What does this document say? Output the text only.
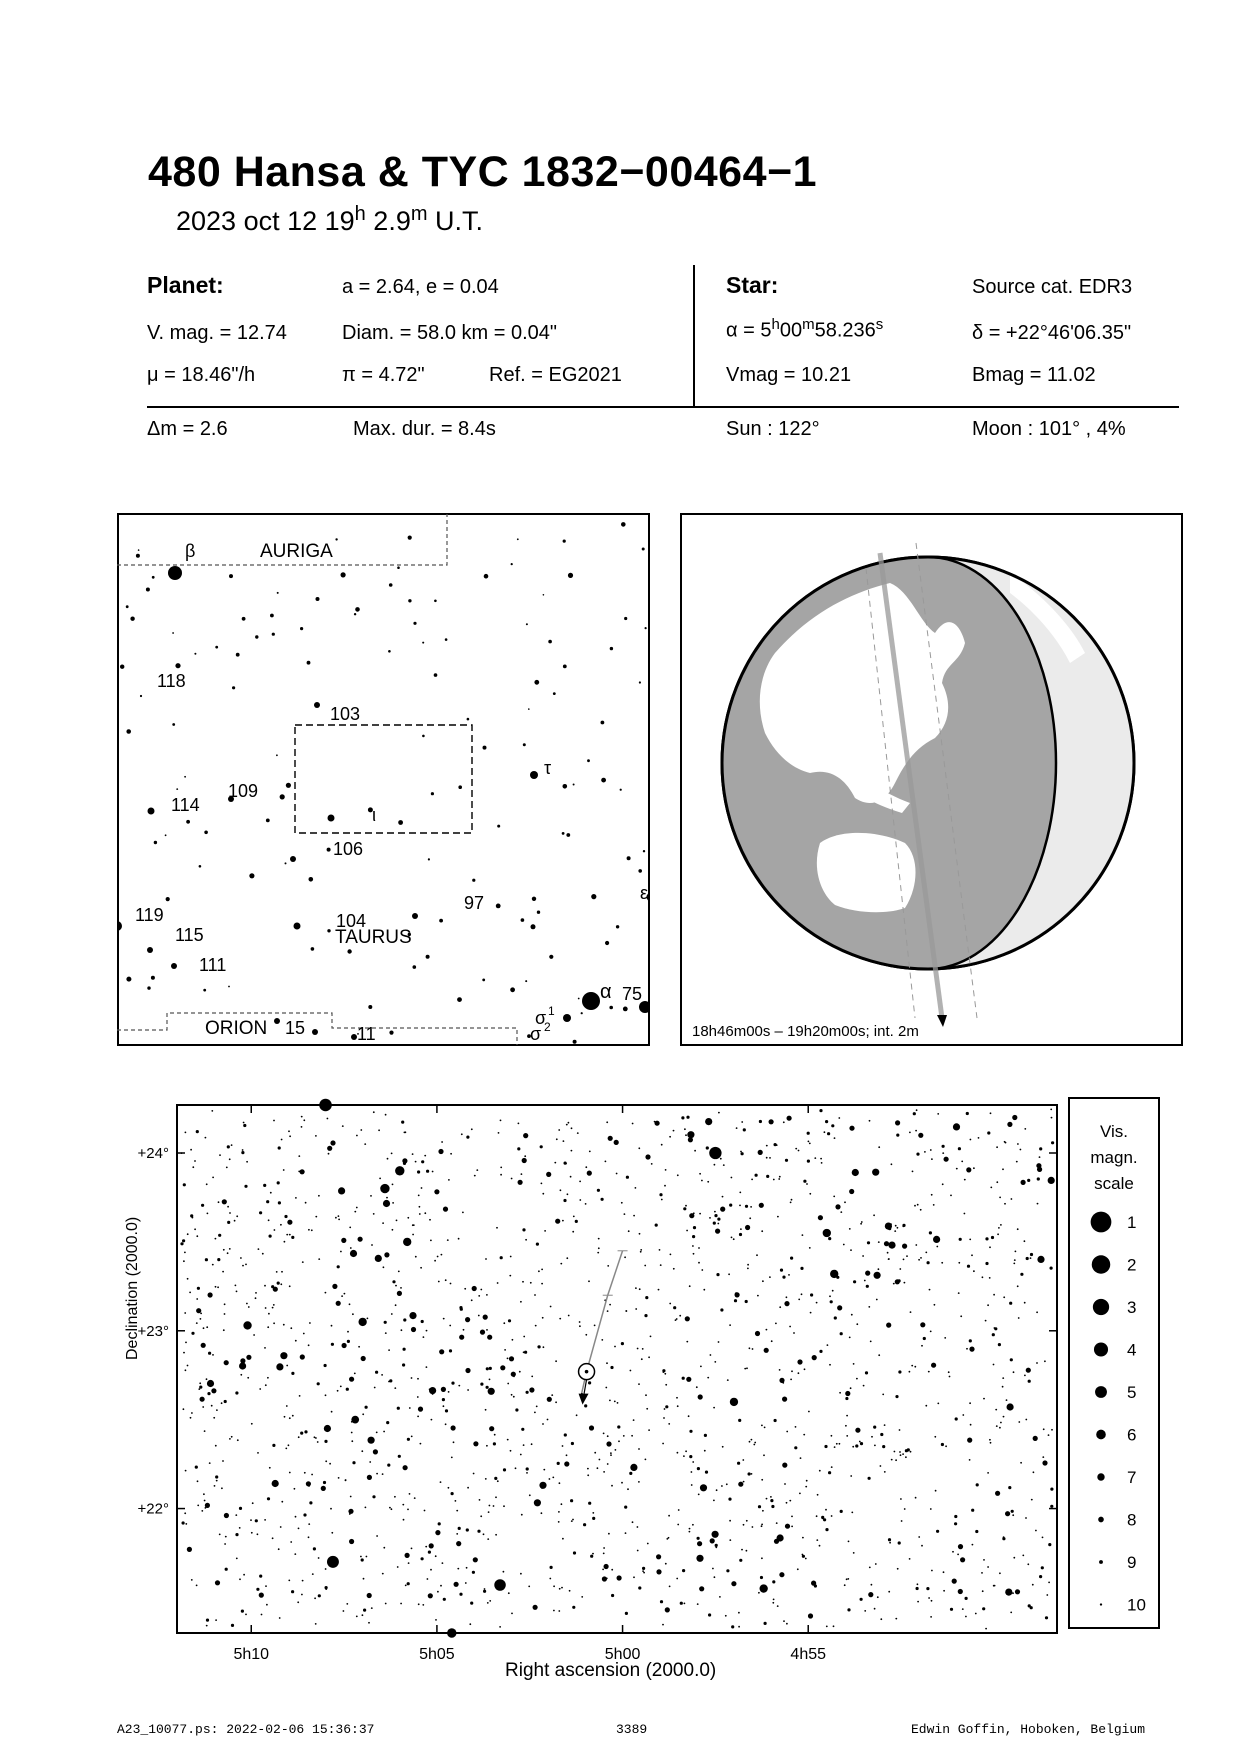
480 Hansa & TYC 1832−00464−1
2023 oct 12 19$^h$ 2.9$^m$ U.T.
Planet:	a = 2.64, e = 0.04
V. mag. = 12.74	Diam. = 58.0 km = 0.04"
μ = 18.46"/h	π = 4.72"	Ref. = EG2021
Star:	Source cat. EDR3
$\alpha = 5^h00^m58.236^s$	δ = +22°46'06.35"
Vmag = 10.21	Bmag = 11.02
Δm = 2.6	Max. dur. = 8.4s	Sun : 122°	Moon : 101° , 4%
AURIGA
TAURUS
ORION
118
103
109
114
106
119
115
111
104
97
75
15	11
β
τ
ι
ε
α
σ 1
σ 2	18h46m00s – 19h20m00s; int. 2m
Declination (2000.0)
5h10	5h05	5h00	4h55
+24°
+23°
+22°
Right ascension (2000.0)
Vis.
magn.
scale
1
2
3
4
5
6
7
8
9
10
A23_10077.ps: 2022-02-06 15:36:37	3389	Edwin Goffin, Hoboken, Belgium
